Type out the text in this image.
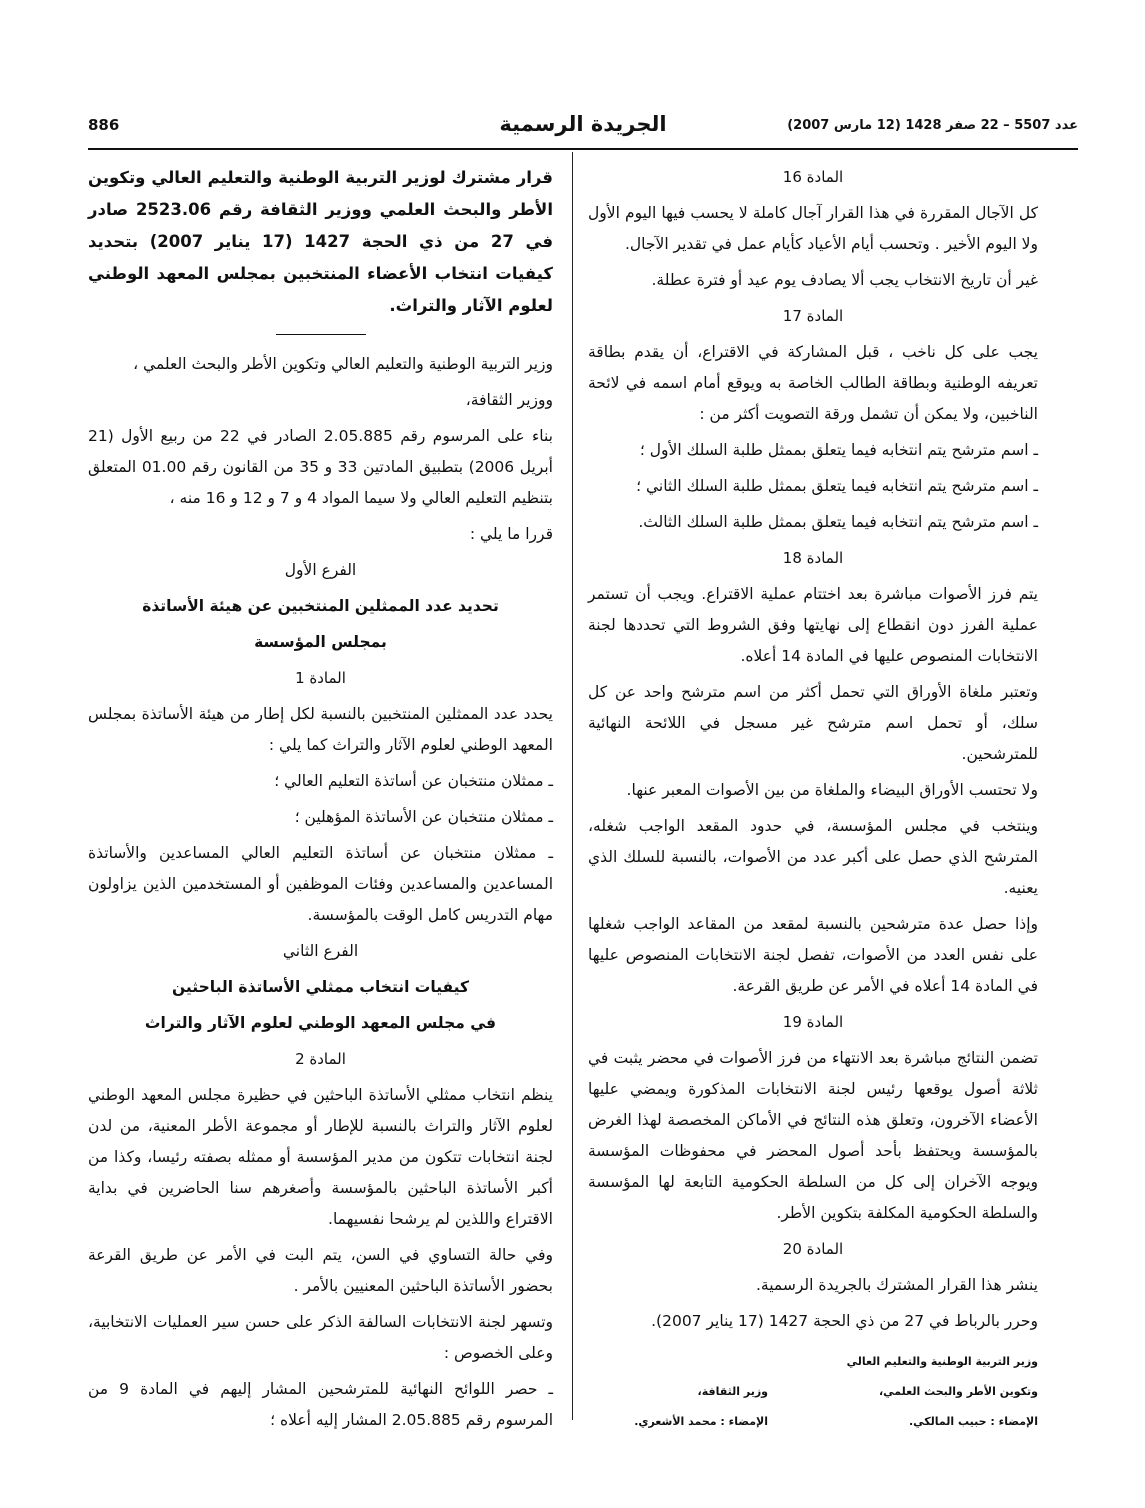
886	الجريدة الرسمية	عدد 5507 – 22 صفر 1428 (12 مارس 2007)

قرار مشترك لوزير التربية الوطنية والتعليم العالي وتكوين الأطر والبحث العلمي ووزير الثقافة رقم 2523.06 صادر في 27 من ذي الحجة 1427 (17 يناير 2007) بتحديد كيفيات انتخاب الأعضاء المنتخبين بمجلس المعهد الوطني لعلوم الآثار والتراث.

وزير التربية الوطنية والتعليم العالي وتكوين الأطر والبحث العلمي ،

ووزير الثقافة،

بناء على المرسوم رقم 2.05.885 الصادر في 22 من ربيع الأول (21 أبريل 2006) بتطبيق المادتين 33 و 35 من القانون رقم 01.00 المتعلق بتنظيم التعليم العالي ولا سيما المواد 4 و 7 و 12 و 16 منه ،

قررا ما يلي :

الفرع الأول

تحديد عدد الممثلين المنتخبين عن هيئة الأساتذة

بمجلس المؤسسة

المادة 1

يحدد عدد الممثلين المنتخبين بالنسبة لكل إطار من هيئة الأساتذة بمجلس المعهد الوطني لعلوم الآثار والتراث كما يلي :

ـ ممثلان منتخبان عن أساتذة التعليم العالي ؛

ـ ممثلان منتخبان عن الأساتذة المؤهلين ؛

ـ ممثلان منتخبان عن أساتذة التعليم العالي المساعدين والأساتذة المساعدين والمساعدين وفئات الموظفين أو المستخدمين الذين يزاولون مهام التدريس كامل الوقت بالمؤسسة.

الفرع الثاني

كيفيات انتخاب ممثلي الأساتذة الباحثين

في مجلس المعهد الوطني لعلوم الآثار والتراث

المادة 2

ينظم انتخاب ممثلي الأساتذة الباحثين في حظيرة مجلس المعهد الوطني لعلوم الآثار والتراث بالنسبة للإطار أو مجموعة الأطر المعنية، من لدن لجنة انتخابات تتكون من مدير المؤسسة أو ممثله بصفته رئيسا، وكذا من أكبر الأساتذة الباحثين بالمؤسسة وأصغرهم سنا الحاضرين في بداية الاقتراع واللذين لم يرشحا نفسيهما.

وفي حالة التساوي في السن، يتم البت في الأمر عن طريق القرعة بحضور الأساتذة الباحثين المعنيين بالأمر .

وتسهر لجنة الانتخابات السالفة الذكر على حسن سير العمليات الانتخابية، وعلى الخصوص :

ـ حصر اللوائح النهائية للمترشحين المشار إليهم في المادة 9 من المرسوم رقم 2.05.885 المشار إليه أعلاه ؛

المادة 16

كل الآجال المقررة في هذا القرار آجال كاملة لا يحسب فيها اليوم الأول ولا اليوم الأخير . وتحسب أيام الأعياد كأيام عمل في تقدير الآجال.

غير أن تاريخ الانتخاب يجب ألا يصادف يوم عيد أو فترة عطلة.

المادة 17

يجب على كل ناخب ، قبل المشاركة في الاقتراع، أن يقدم بطاقة تعريفه الوطنية وبطاقة الطالب الخاصة به ويوقع أمام اسمه في لائحة الناخبين، ولا يمكن أن تشمل ورقة التصويت أكثر من :

ـ اسم مترشح يتم انتخابه فيما يتعلق بممثل طلبة السلك الأول ؛

ـ اسم مترشح يتم انتخابه فيما يتعلق بممثل طلبة السلك الثاني ؛

ـ اسم مترشح يتم انتخابه فيما يتعلق بممثل طلبة السلك الثالث.

المادة 18

يتم فرز الأصوات مباشرة بعد اختتام عملية الاقتراع. ويجب أن تستمر عملية الفرز دون انقطاع إلى نهايتها وفق الشروط التي تحددها لجنة الانتخابات المنصوص عليها في المادة 14 أعلاه.

وتعتبر ملغاة الأوراق التي تحمل أكثر من اسم مترشح واحد عن كل سلك، أو تحمل اسم مترشح غير مسجل في اللائحة النهائية للمترشحين.

ولا تحتسب الأوراق البيضاء والملغاة من بين الأصوات المعبر عنها.

وينتخب في مجلس المؤسسة، في حدود المقعد الواجب شغله، المترشح الذي حصل على أكبر عدد من الأصوات، بالنسبة للسلك الذي يعنيه.

وإذا حصل عدة مترشحين بالنسبة لمقعد من المقاعد الواجب شغلها على نفس العدد من الأصوات، تفصل لجنة الانتخابات المنصوص عليها في المادة 14 أعلاه في الأمر عن طريق القرعة.

المادة 19

تضمن النتائج مباشرة بعد الانتهاء من فرز الأصوات في محضر يثبت في ثلاثة أصول يوقعها رئيس لجنة الانتخابات المذكورة ويمضي عليها الأعضاء الآخرون، وتعلق هذه النتائج في الأماكن المخصصة لهذا الغرض بالمؤسسة ويحتفظ بأحد أصول المحضر في محفوظات المؤسسة ويوجه الآخران إلى كل من السلطة الحكومية التابعة لها المؤسسة والسلطة الحكومية المكلفة بتكوين الأطر.

المادة 20

ينشر هذا القرار المشترك بالجريدة الرسمية.

وحرر بالرباط في 27 من ذي الحجة 1427 (17 يناير 2007).

وزير التربية الوطنية والتعليم العالي
وتكوين الأطر والبحث العلمي،
الإمضاء : حبيب المالكي.
وزير الثقافة،
الإمضاء : محمد الأشعري.
